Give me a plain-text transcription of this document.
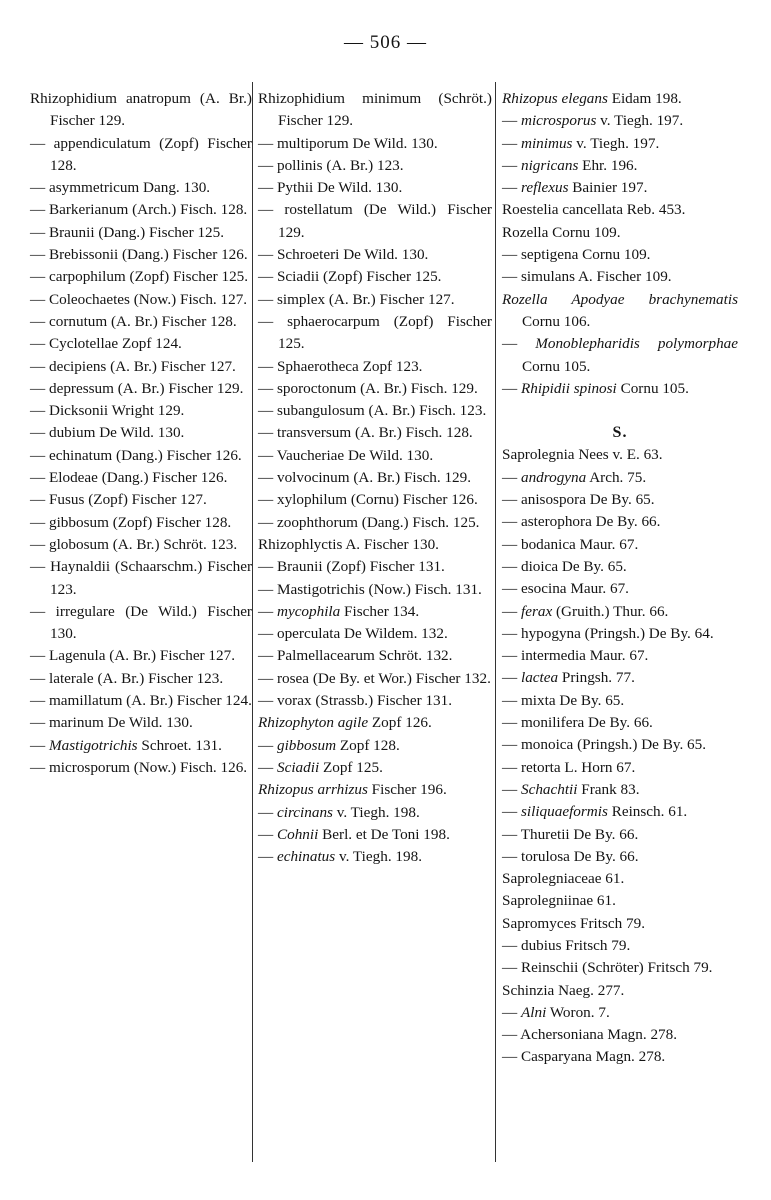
— 506 —
Rhizophidium anatropum (A. Br.) Fischer 129.
— appendiculatum (Zopf) Fischer 128.
— asymmetricum Dang. 130.
— Barkerianum (Arch.) Fisch. 128.
— Braunii (Dang.) Fischer 125.
— Brebissonii (Dang.) Fischer 126.
— carpophilum (Zopf) Fischer 125.
— Coleochaetes (Now.) Fisch. 127.
— cornutum (A. Br.) Fischer 128.
— Cyclotellae Zopf 124.
— decipiens (A. Br.) Fischer 127.
— depressum (A. Br.) Fischer 129.
— Dicksonii Wright 129.
— dubium De Wild. 130.
— echinatum (Dang.) Fischer 126.
— Elodeae (Dang.) Fischer 126.
— Fusus (Zopf) Fischer 127.
— gibbosum (Zopf) Fischer 128.
— globosum (A. Br.) Schröt. 123.
— Haynaldii (Schaarschm.) Fischer 123.
— irregulare (De Wild.) Fischer 130.
— Lagenula (A. Br.) Fischer 127.
— laterale (A. Br.) Fischer 123.
— mamillatum (A. Br.) Fischer 124.
— marinum De Wild. 130.
— Mastigotrichis Schroet. 131.
— microsporum (Now.) Fisch. 126.
Rhizophidium minimum (Schröt.) Fischer 129.
— multiporum De Wild. 130.
— pollinis (A. Br.) 123.
— Pythii De Wild. 130.
— rostellatum (De Wild.) Fischer 129.
— Schroeteri De Wild. 130.
— Sciadii (Zopf) Fischer 125.
— simplex (A. Br.) Fischer 127.
— sphaerocarpum (Zopf) Fischer 125.
— Sphaerotheca Zopf 123.
— sporoctonum (A. Br.) Fisch. 129.
— subangulosum (A. Br.) Fisch. 123.
— transversum (A. Br.) Fisch. 128.
— Vaucheriae De Wild. 130.
— volvocinum (A. Br.) Fisch. 129.
— xylophilum (Cornu) Fischer 126.
— zoophthorum (Dang.) Fisch. 125.
Rhizophlyctis A. Fischer 130.
— Braunii (Zopf) Fischer 131.
— Mastigotrichis (Now.) Fisch. 131.
— mycophila Fischer 134.
— operculata De Wildem. 132.
— Palmellacearum Schröt. 132.
— rosea (De By. et Wor.) Fischer 132.
— vorax (Strassb.) Fischer 131.
Rhizophyton agile Zopf 126.
— gibbosum Zopf 128.
— Sciadii Zopf 125.
Rhizopus arrhizus Fischer 196.
— circinans v. Tiegh. 198.
— Cohnii Berl. et De Toni 198.
— echinatus v. Tiegh. 198.
Rhizopus elegans Eidam 198.
— microsporus v. Tiegh. 197.
— minimus v. Tiegh. 197.
— nigricans Ehr. 196.
— reflexus Bainier 197.
Roestelia cancellata Reb. 453.
Rozella Cornu 109.
— septigena Cornu 109.
— simulans A. Fischer 109.
Rozella Apodyae brachynematis Cornu 106.
— Monoblepharidis polymorphae Cornu 105.
— Rhipidii spinosi Cornu 105.
S.
Saprolegnia Nees v. E. 63.
— androgyna Arch. 75.
— anisospora De By. 65.
— asterophora De By. 66.
— bodanica Maur. 67.
— dioica De By. 65.
— esocina Maur. 67.
— ferax (Gruith.) Thur. 66.
— hypogyna (Pringsh.) De By. 64.
— intermedia Maur. 67.
— lactea Pringsh. 77.
— mixta De By. 65.
— monilifera De By. 66.
— monoica (Pringsh.) De By. 65.
— retorta L. Horn 67.
— Schachtii Frank 83.
— siliquaeformis Reinsch. 61.
— Thuretii De By. 66.
— torulosa De By. 66.
Saprolegniaceae 61.
Saprolegniinae 61.
Sapromyces Fritsch 79.
— dubius Fritsch 79.
— Reinschii (Schröter) Fritsch 79.
Schinzia Naeg. 277.
— Alni Woron. 7.
— Achersoniana Magn. 278.
— Casparyana Magn. 278.
